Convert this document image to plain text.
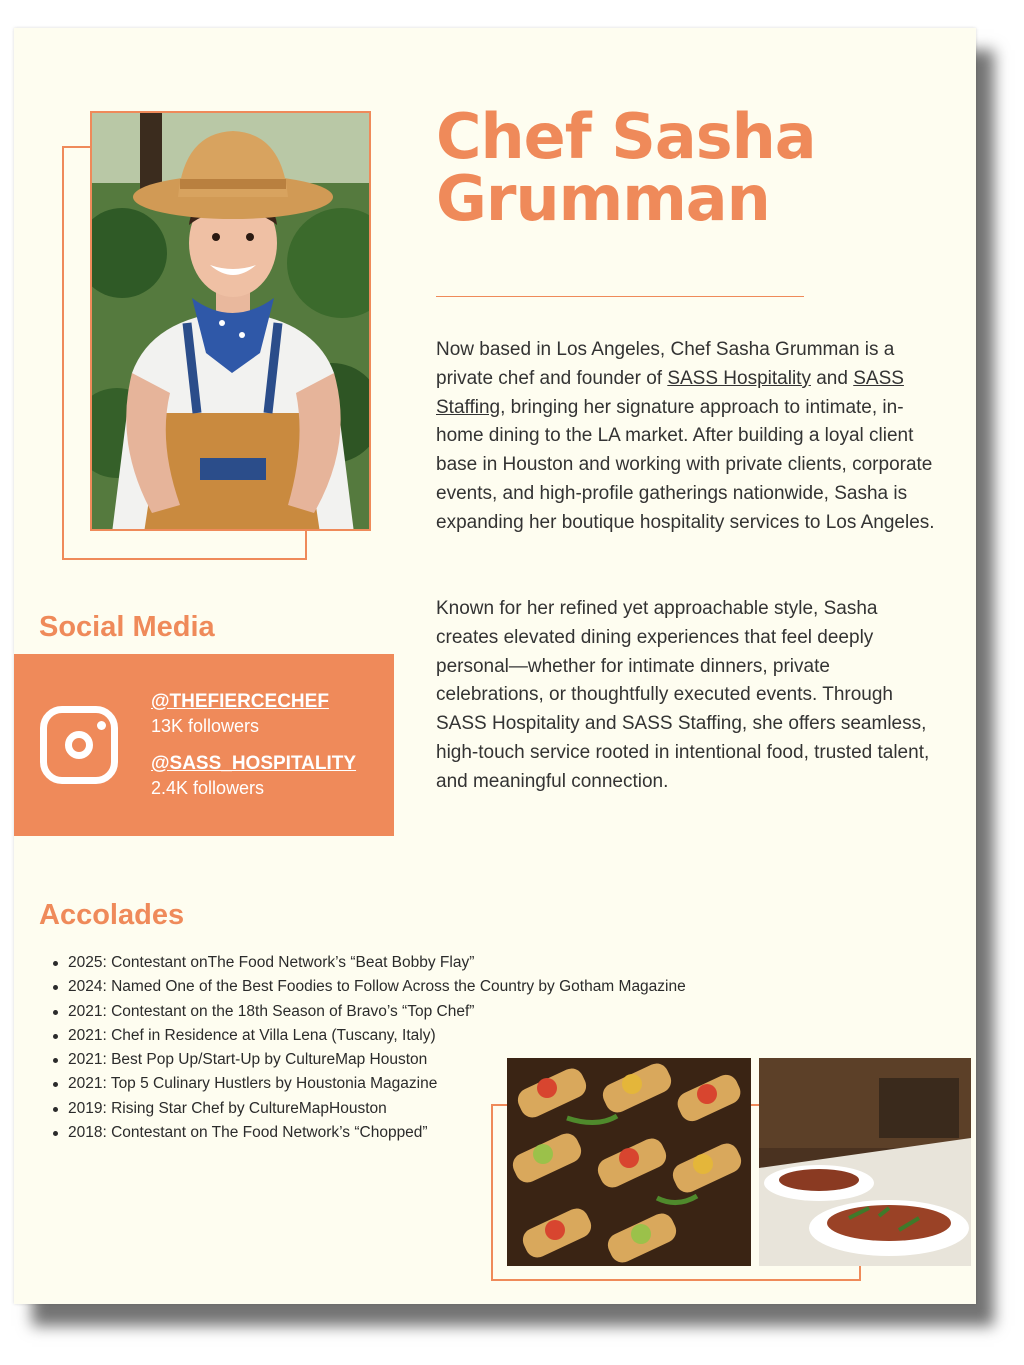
Chef Sasha
Grumman

Now based in Los Angeles, Chef Sasha Grumman is a private chef and founder of SASS Hospitality and SASS Staffing, bringing her signature approach to intimate, in-home dining to the LA market. After building a loyal client base in Houston and working with private clients, corporate events, and high-profile gatherings nationwide, Sasha is expanding her boutique hospitality services to Los Angeles.

Known for her refined yet approachable style, Sasha creates elevated dining experiences that feel deeply personal—whether for intimate dinners, private celebrations, or thoughtfully executed events. Through SASS Hospitality and SASS Staffing, she offers seamless, high-touch service rooted in intentional food, trusted talent, and meaningful connection.

Social Media

@THEFIERCECHEF

13K followers

@SASS_HOSPITALITY

2.4K followers

Accolades
2025: Contestant onThe Food Network’s “Beat Bobby Flay”
2024: Named One of the Best Foodies to Follow Across the Country by Gotham Magazine
2021: Contestant on the 18th Season of Bravo’s “Top Chef”
2021: Chef in Residence at Villa Lena (Tuscany, Italy)
2021: Best Pop Up/Start-Up by CultureMap Houston
2021: Top 5 Culinary Hustlers by Houstonia Magazine
2019: Rising Star Chef by CultureMapHouston
2018: Contestant on The Food Network’s “Chopped”
